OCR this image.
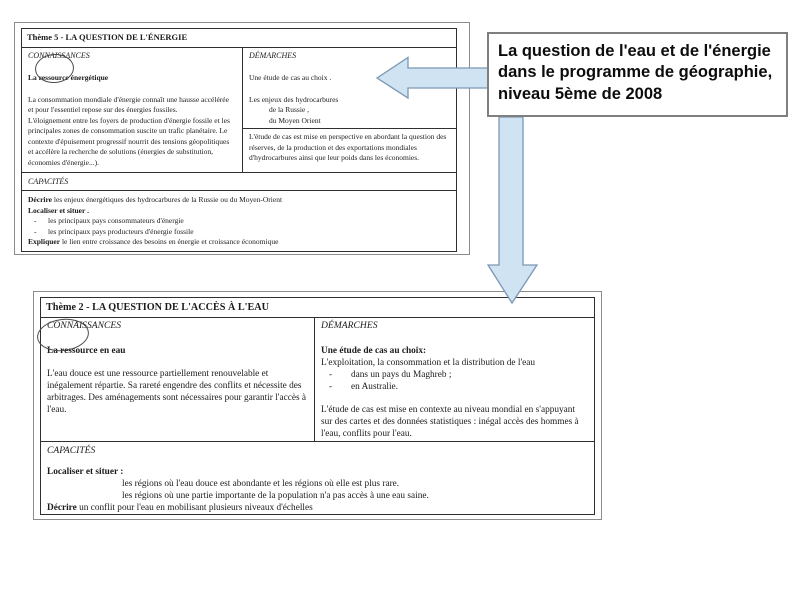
Thème 5 - LA QUESTION DE L'ÉNERGIE
CONNAISSANCES
La ressource énergétique

La consommation mondiale d'énergie connaît une hausse accélérée et pour l'essentiel repose sur des énergies fossiles.

L'éloignement entre les foyers de production d'énergie fossile et les principales zones de consommation suscite un trafic planétaire. Le contexte d'épuisement progressif nourrit des tensions géopolitiques et accélère la recherche de solutions (énergies de substitution, économies d'énergie...).

DÉMARCHES
Une étude de cas au choix .
Les enjeux des hydrocarbures
de la Russie ,
du Moyen Orient

L'étude de cas est mise en perspective en abordant la question des réserves, de la production et des exportations mondiales d'hydrocarbures ainsi que leur poids dans les économies.

CAPACITÉS
Décrire les enjeux énergétiques des hydrocarbures de la Russie ou du Moyen-Orient
Localiser et situer .
-	les principaux pays consommateurs d'énergie
-	les principaux pays producteurs d'énergie fossile
Expliquer le lien entre croissance des besoins en énergie et croissance économique
Thème 2 - LA QUESTION DE L'ACCÈS À L'EAU
CONNAISSANCES
La ressource en eau

L'eau douce est une ressource partiellement renouvelable et inégalement répartie. Sa rareté engendre des conflits et nécessite des arbitrages. Des aménagements sont nécessaires pour garantir l'accès à l'eau.

DÉMARCHES
Une étude de cas au choix:
L'exploitation, la consommation et la distribution de l'eau
-	dans un pays du Maghreb ;
-	en Australie.

L'étude de cas est mise en contexte au niveau mondial en s'appuyant sur des cartes et des données statistiques : inégal accès des hommes à l'eau, conflits pour l'eau.

CAPACITÉS
Localiser et situer :
les régions où l'eau douce est abondante et les régions où elle est plus rare.
les régions où une partie importante de la population n'a pas accès à une eau saine.
Décrire un conflit pour l'eau en mobilisant plusieurs niveaux d'échelles
La question de l'eau et de l'énergie dans le programme de géographie, niveau 5ème de 2008
